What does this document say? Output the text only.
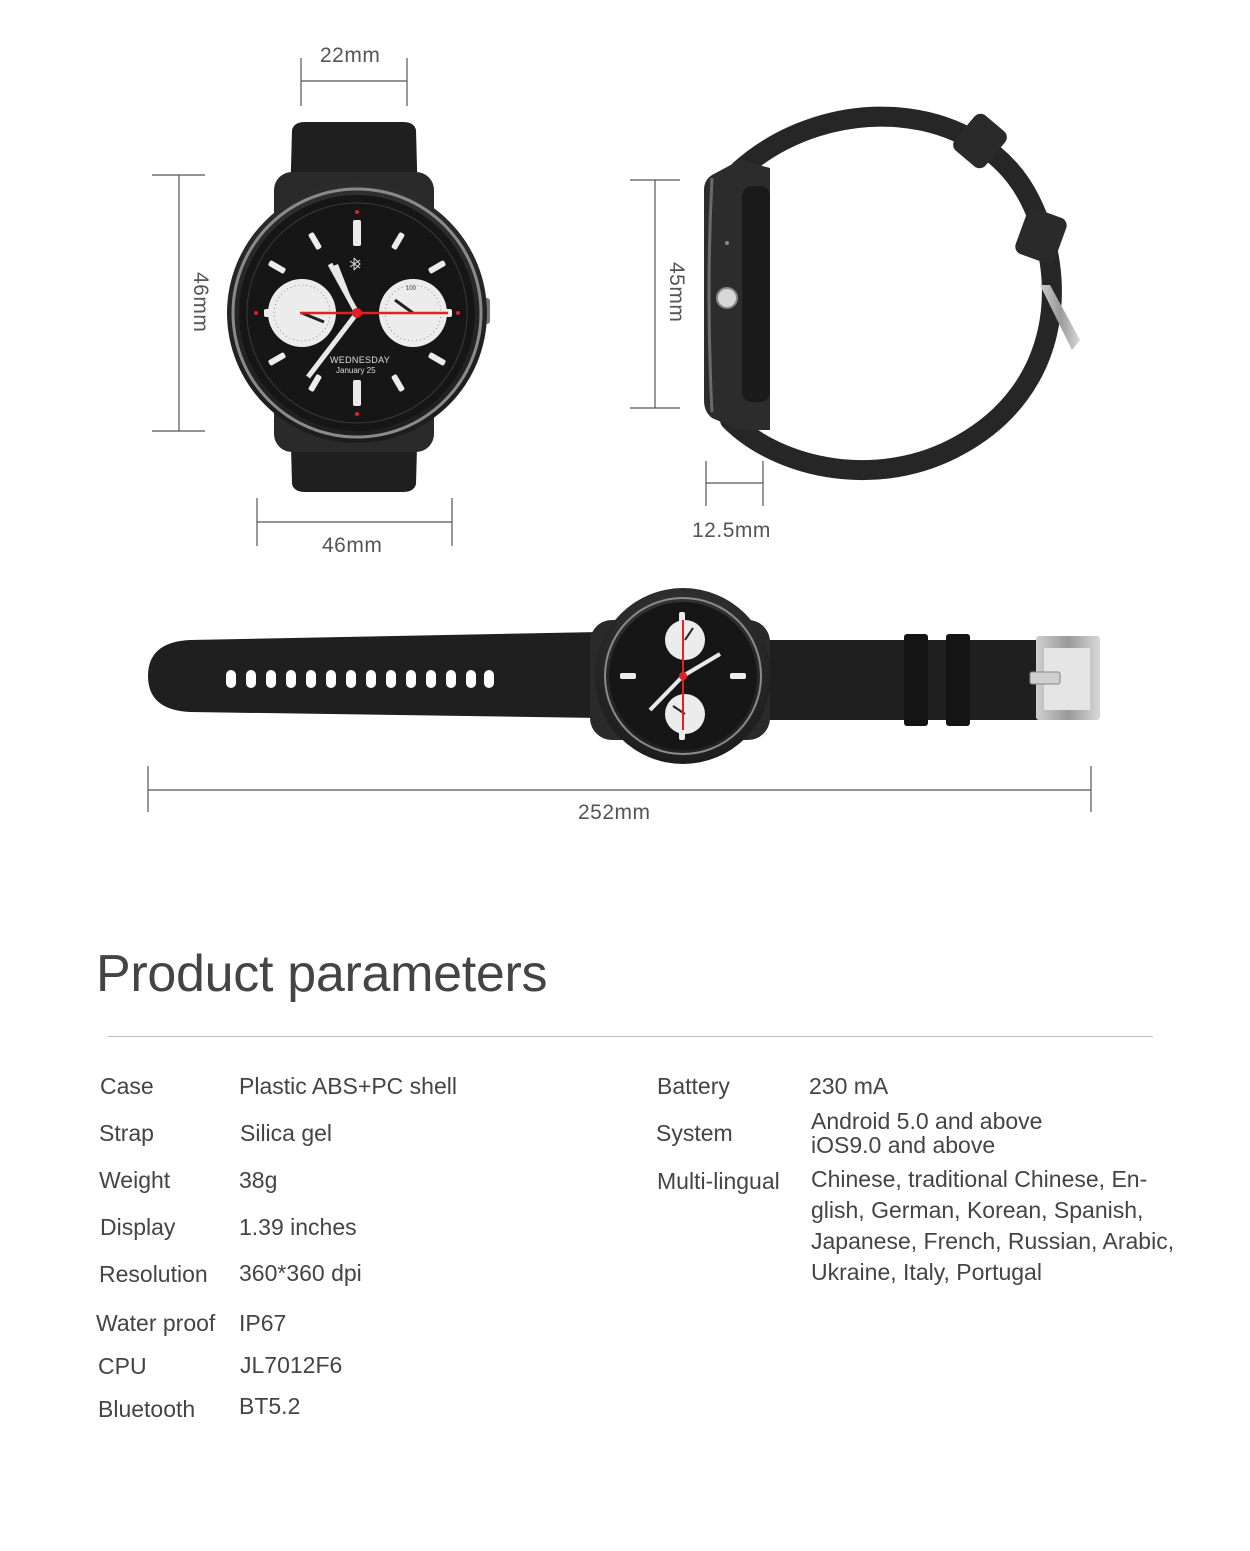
22mm
46mm
46mm
45mm
12.5mm
252mm
WEDNESDAY
January 25
100
Product parameters
Case	Plastic ABS+PC shell
Strap	Silica gel
Weight	38g
Display	1.39 inches
Resolution 360*360 dpi
Water proof IP67
CPU	JL7012F6
Bluetooth BT5.2
Battery	230 mA
System	Android 5.0 and above
iOS9.0 and above
Multi-lingual Chinese, traditional Chinese, En-glish, German, Korean, Spanish, Japanese, French, Russian, Arabic, Ukraine, Italy, Portugal
